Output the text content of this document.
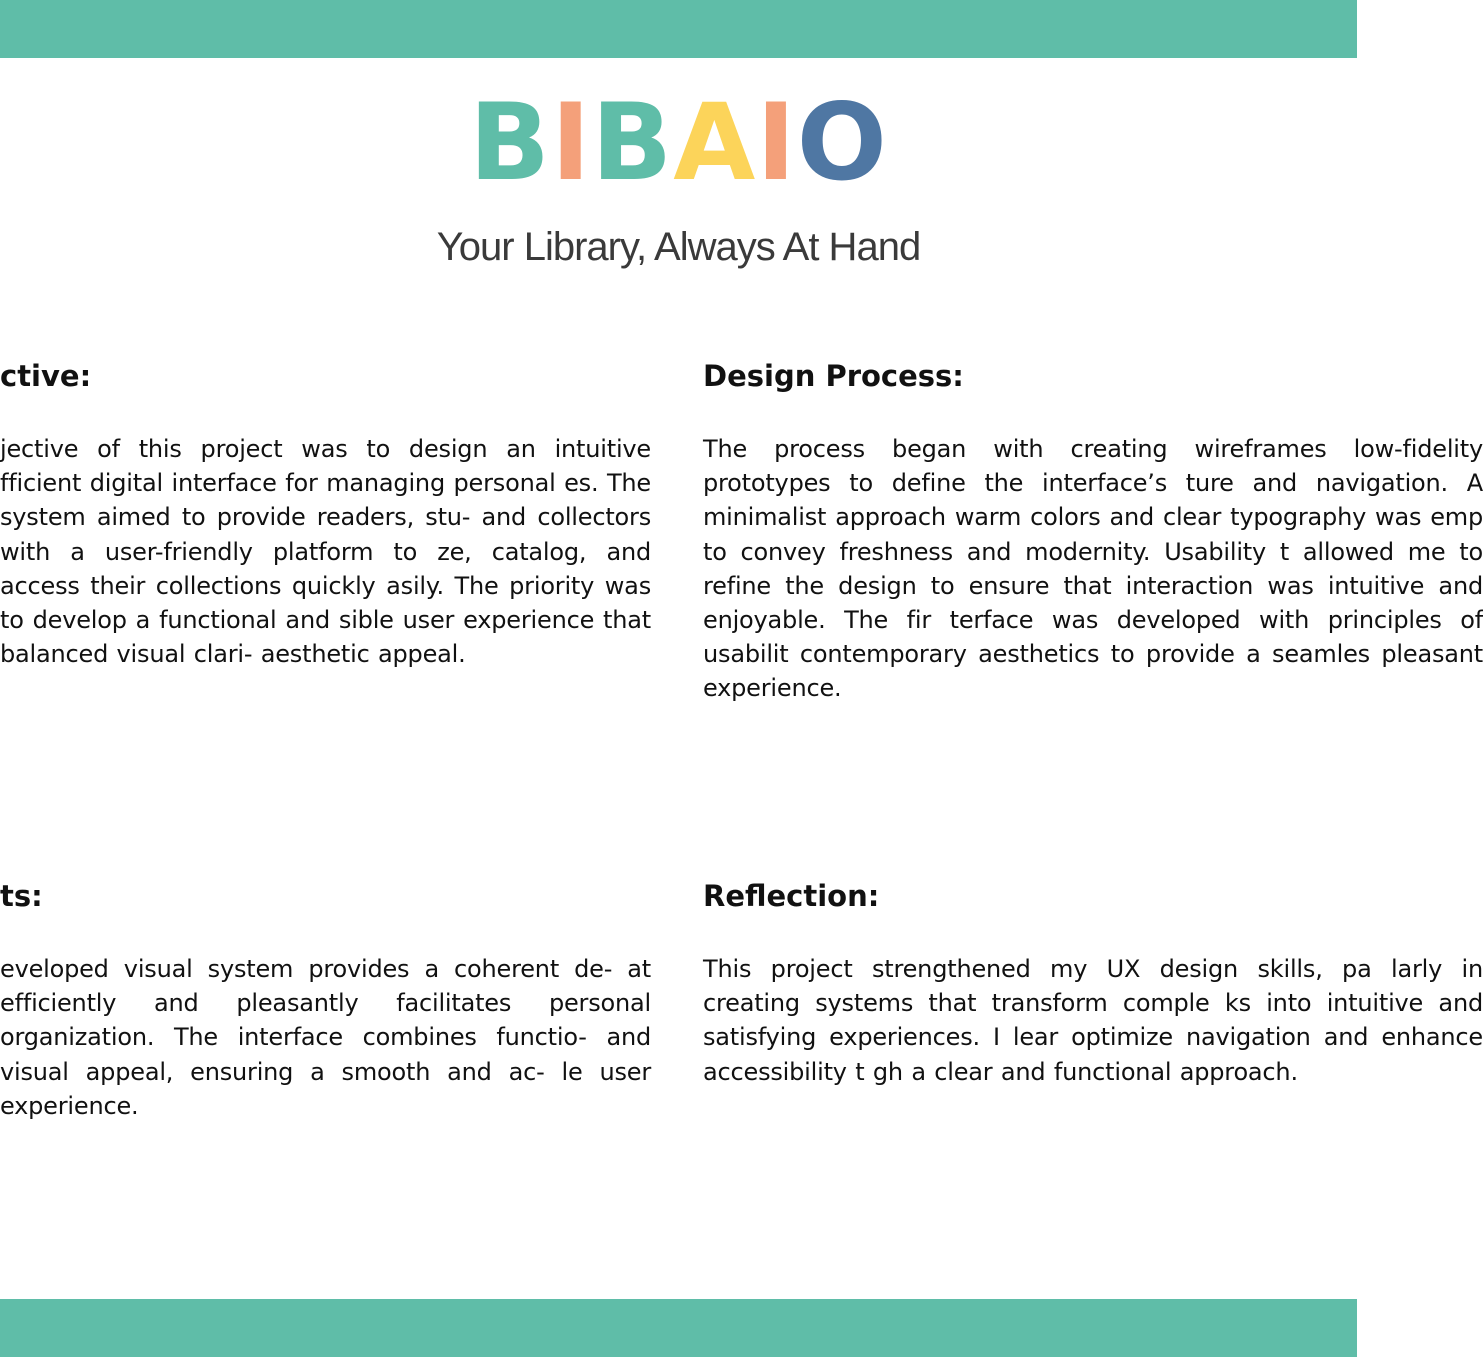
BIBAIO
Your Library, Always At Hand
ctive:

jective of this project was to design an intuitive fficient digital interface for managing personal es. The system aimed to provide readers, stu- and collectors with a user-friendly platform to ze, catalog, and access their collections quickly asily. The priority was to develop a functional and sible user experience that balanced visual clari- aesthetic appeal.

Design Process:

The process began with creating wireframes low-fidelity prototypes to define the interface’s ture and navigation. A minimalist approach warm colors and clear typography was emp to convey freshness and modernity. Usability t allowed me to refine the design to ensure that interaction was intuitive and enjoyable. The fir terface was developed with principles of usabilit contemporary aesthetics to provide a seamles pleasant experience.

ts:

eveloped visual system provides a coherent de- at efficiently and pleasantly facilitates personal organization. The interface combines functio- and visual appeal, ensuring a smooth and ac- le user experience.

Reflection:

This project strengthened my UX design skills, pa larly in creating systems that transform comple ks into intuitive and satisfying experiences. I lear optimize navigation and enhance accessibility t gh a clear and functional approach.
